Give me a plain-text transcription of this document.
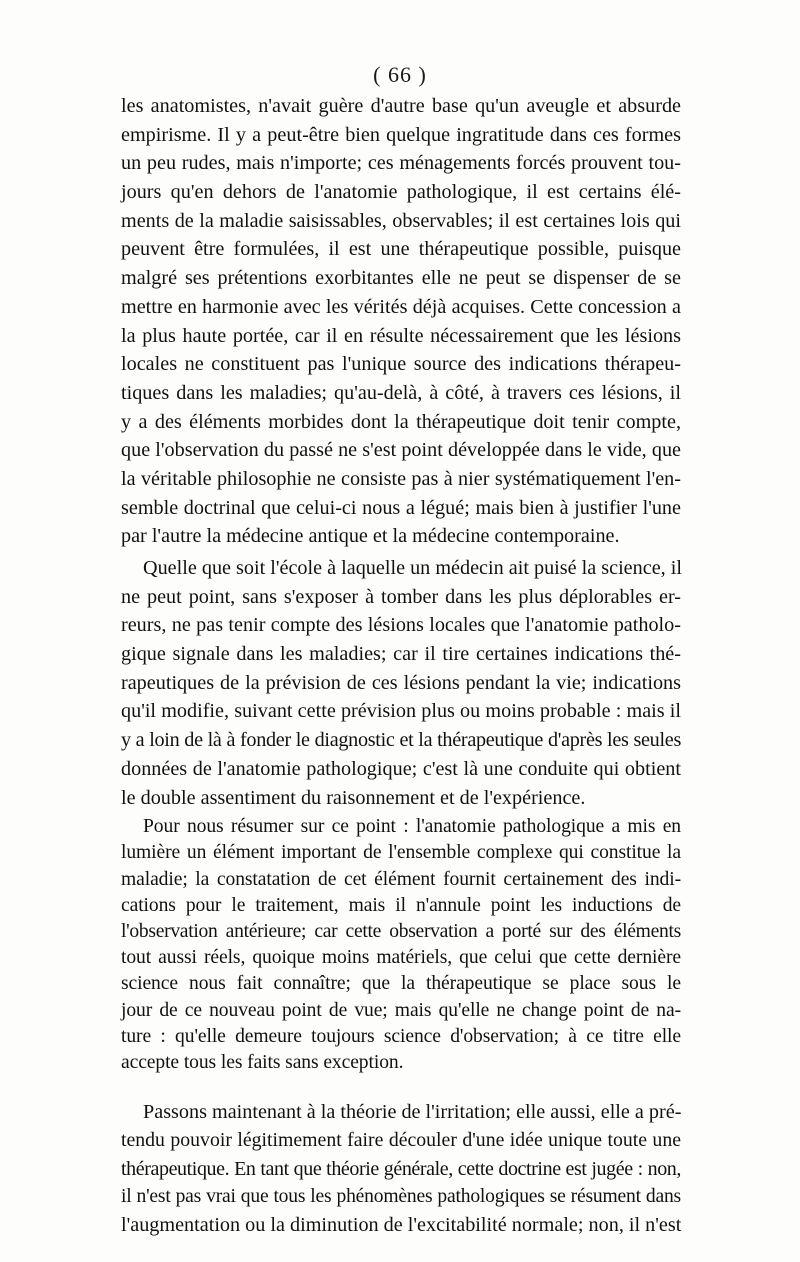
( 66 )
les anatomistes, n'avait guère d'autre base qu'un aveugle et absurde
empirisme. Il y a peut-être bien quelque ingratitude dans ces formes
un peu rudes, mais n'importe; ces ménagements forcés prouvent tou-
jours qu'en dehors de l'anatomie pathologique, il est certains élé-
ments de la maladie saisissables, observables; il est certaines lois qui
peuvent être formulées, il est une thérapeutique possible, puisque
malgré ses prétentions exorbitantes elle ne peut se dispenser de se
mettre en harmonie avec les vérités déjà acquises. Cette concession a
la plus haute portée, car il en résulte nécessairement que les lésions
locales ne constituent pas l'unique source des indications thérapeu-
tiques dans les maladies; qu'au-delà, à côté, à travers ces lésions, il
y a des éléments morbides dont la thérapeutique doit tenir compte,
que l'observation du passé ne s'est point développée dans le vide, que
la véritable philosophie ne consiste pas à nier systématiquement l'en-
semble doctrinal que celui-ci nous a légué; mais bien à justifier l'une
par l'autre la médecine antique et la médecine contemporaine.
Quelle que soit l'école à laquelle un médecin ait puisé la science, il
ne peut point, sans s'exposer à tomber dans les plus déplorables er-
reurs, ne pas tenir compte des lésions locales que l'anatomie patholo-
gique signale dans les maladies; car il tire certaines indications thé-
rapeutiques de la prévision de ces lésions pendant la vie; indications
qu'il modifie, suivant cette prévision plus ou moins probable : mais il
y a loin de là à fonder le diagnostic et la thérapeutique d'après les seules
données de l'anatomie pathologique; c'est là une conduite qui obtient
le double assentiment du raisonnement et de l'expérience.
Pour nous résumer sur ce point : l'anatomie pathologique a mis en
lumière un élément important de l'ensemble complexe qui constitue la
maladie; la constatation de cet élément fournit certainement des indi-
cations pour le traitement, mais il n'annule point les inductions de
l'observation antérieure; car cette observation a porté sur des éléments
tout aussi réels, quoique moins matériels, que celui que cette dernière
science nous fait connaître; que la thérapeutique se place sous le
jour de ce nouveau point de vue; mais qu'elle ne change point de na-
ture : qu'elle demeure toujours science d'observation; à ce titre elle
accepte tous les faits sans exception.
Passons maintenant à la théorie de l'irritation; elle aussi, elle a pré-
tendu pouvoir légitimement faire découler d'une idée unique toute une
thérapeutique. En tant que théorie générale, cette doctrine est jugée : non,
il n'est pas vrai que tous les phénomènes pathologiques se résument dans
l'augmentation ou la diminution de l'excitabilité normale; non, il n'est
